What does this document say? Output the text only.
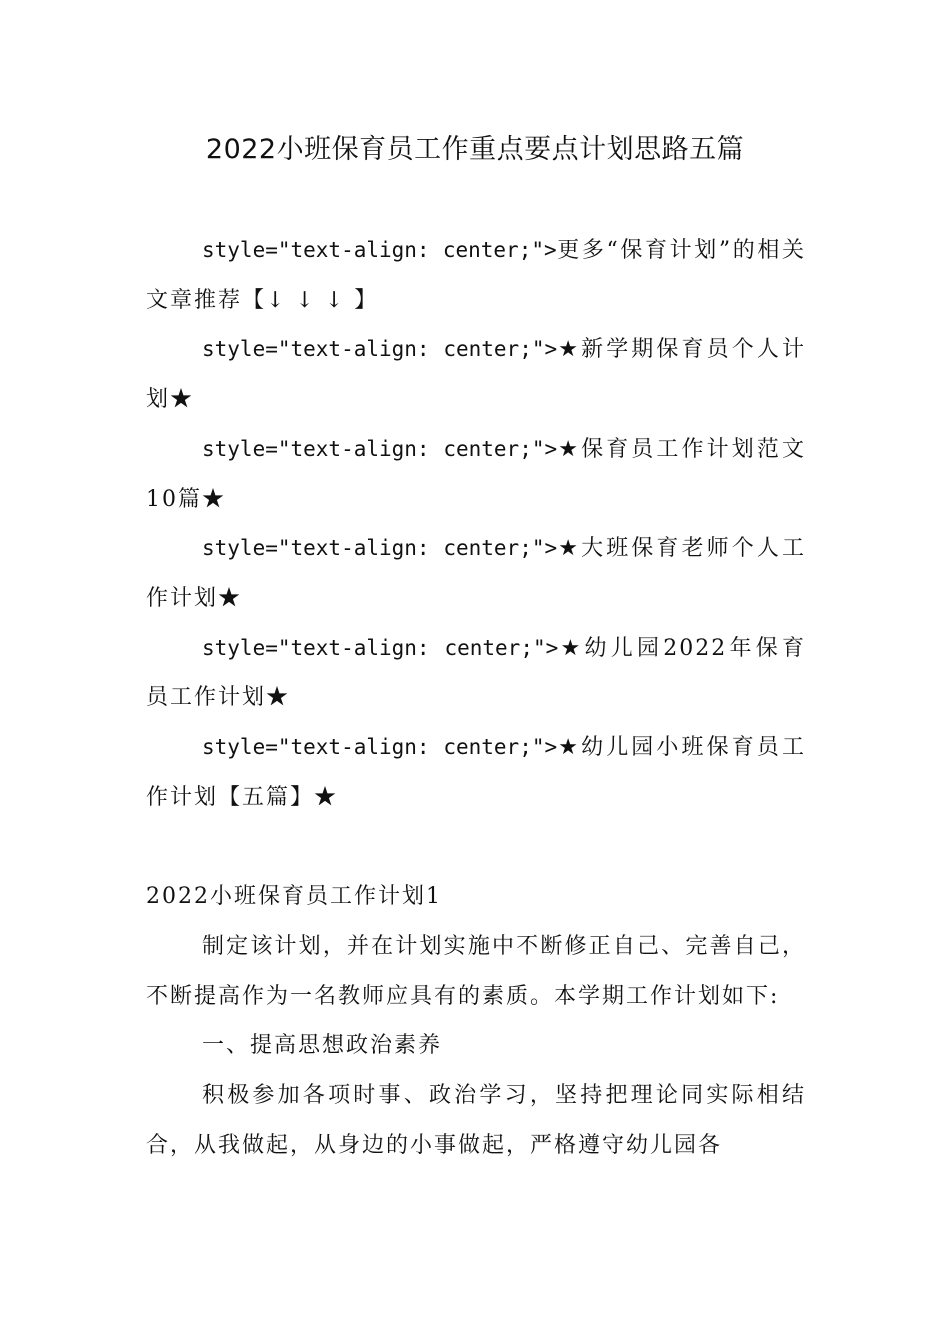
2022小班保育员工作重点要点计划思路五篇

style="text-align: center;">更多“保育计划”的相关文章推荐【↓ ↓ ↓ 】

style="text-align: center;">★新学期保育员个人计划★

style="text-align: center;">★保育员工作计划范文10篇★

style="text-align: center;">★大班保育老师个人工作计划★

style="text-align: center;">★幼儿园2022年保育员工作计划★

style="text-align: center;">★幼儿园小班保育员工作计划【五篇】★

2022小班保育员工作计划1

制定该计划，并在计划实施中不断修正自己、完善自己，不断提高作为一名教师应具有的素质。本学期工作计划如下:

一、提高思想政治素养

积极参加各项时事、政治学习，坚持把理论同实际相结合，从我做起，从身边的小事做起，严格遵守幼儿园各
